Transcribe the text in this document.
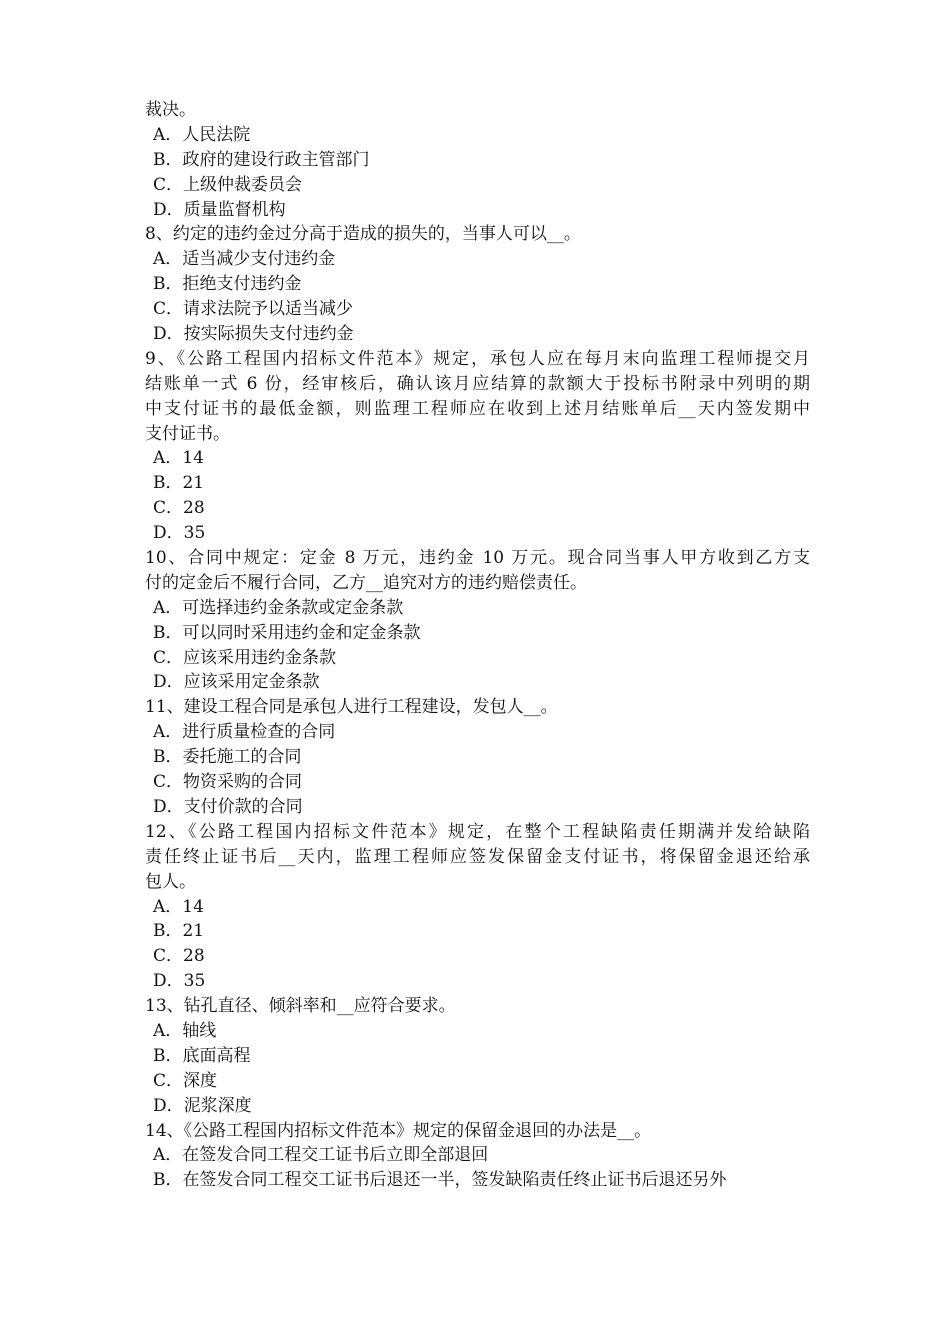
裁决。
A．人民法院
B．政府的建设行政主管部门
C．上级仲裁委员会
D．质量监督机构
8、约定的违约金过分高于造成的损失的，当事人可以__。
A．适当减少支付违约金
B．拒绝支付违约金
C．请求法院予以适当减少
D．按实际损失支付违约金
9、《公路工程国内招标文件范本》规定，承包人应在每月末向监理工程师提交月
结账单一式 6 份，经审核后，确认该月应结算的款额大于投标书附录中列明的期
中支付证书的最低金额，则监理工程师应在收到上述月结账单后__天内签发期中
支付证书。
A．14
B．21
C．28
D．35
10、合同中规定：定金 8 万元，违约金 10 万元。现合同当事人甲方收到乙方支
付的定金后不履行合同，乙方__追究对方的违约赔偿责任。
A．可选择违约金条款或定金条款
B．可以同时采用违约金和定金条款
C．应该采用违约金条款
D．应该采用定金条款
11、建设工程合同是承包人进行工程建设，发包人__。
A．进行质量检查的合同
B．委托施工的合同
C．物资采购的合同
D．支付价款的合同
12、《公路工程国内招标文件范本》规定，在整个工程缺陷责任期满并发给缺陷
责任终止证书后__天内，监理工程师应签发保留金支付证书，将保留金退还给承
包人。
A．14
B．21
C．28
D．35
13、钻孔直径、倾斜率和__应符合要求。
A．轴线
B．底面高程
C．深度
D．泥浆深度
14、《公路工程国内招标文件范本》规定的保留金退回的办法是__。
A．在签发合同工程交工证书后立即全部退回
B．在签发合同工程交工证书后退还一半，签发缺陷责任终止证书后退还另外
